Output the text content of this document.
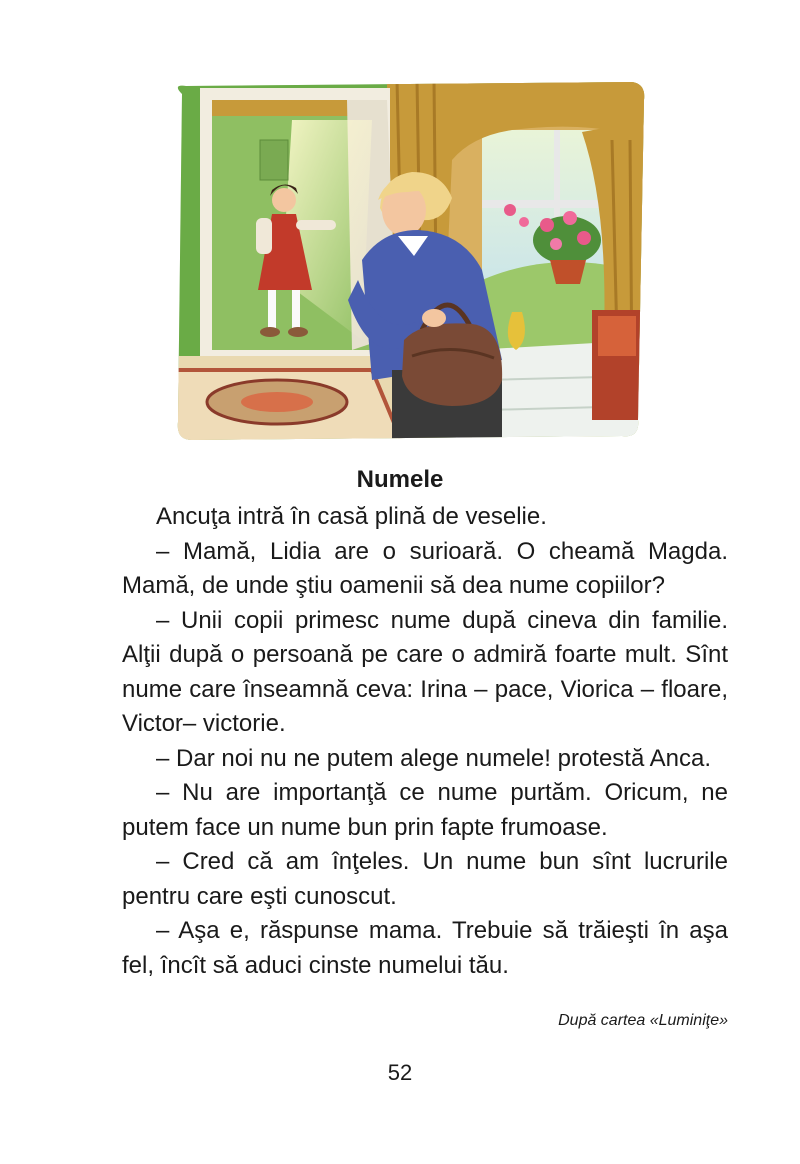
Numele

Ancuţa intră în casă plină de veselie.

– Mamă, Lidia are o surioară. O cheamă Magda. Mamă, de unde ştiu oamenii să dea nume copiilor?

– Unii copii primesc nume după cineva din familie. Alţii după o persoană pe care o admiră foarte mult. Sînt nume care înseamnă ceva: Irina – pace, Viorica – floare, Victor– victorie.

– Dar noi nu ne putem alege numele! protestă Anca.

– Nu are importanţă ce nume purtăm. Oricum, ne putem face un nume bun prin fapte frumoase.

– Cred că am înţeles. Un nume bun sînt lucrurile pentru care eşti cunoscut.

– Aşa e, răspunse mama. Trebuie să trăieşti în aşa fel, încît să aduci cinste numelui tău.

După cartea «Luminiţe»
52
